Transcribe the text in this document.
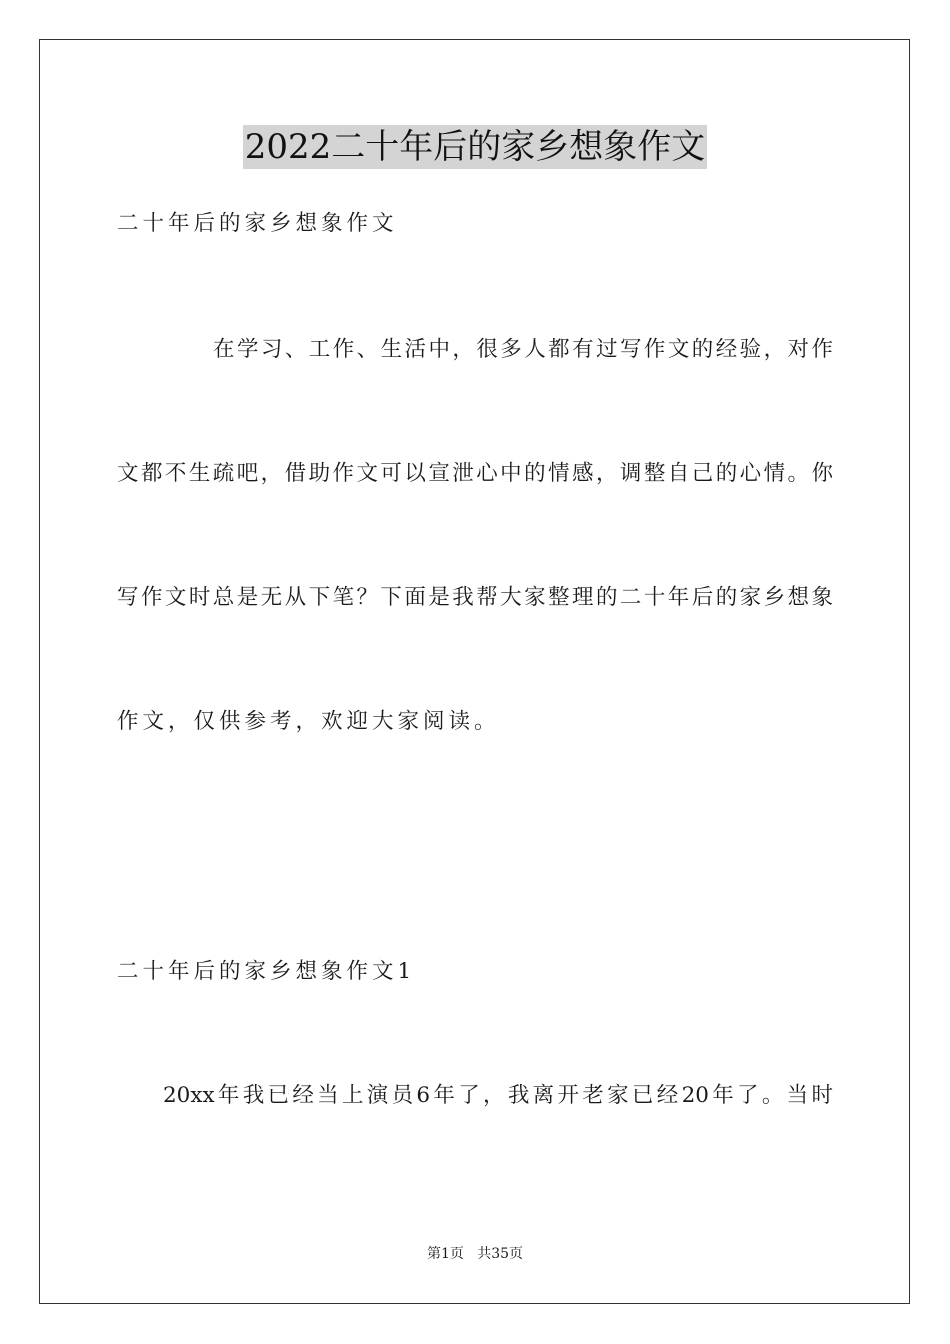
2022二十年后的家乡想象作文
二十年后的家乡想象作文
在学习、工作、生活中，很多人都有过写作文的经验，对作
文都不生疏吧，借助作文可以宣泄心中的情感，调整自己的心情。你
写作文时总是无从下笔？下面是我帮大家整理的二十年后的家乡想象
作文，仅供参考，欢迎大家阅读。
二十年后的家乡想象作文1
20xx年我已经当上演员6年了，我离开老家已经20年了。当时
第1页   共35页
